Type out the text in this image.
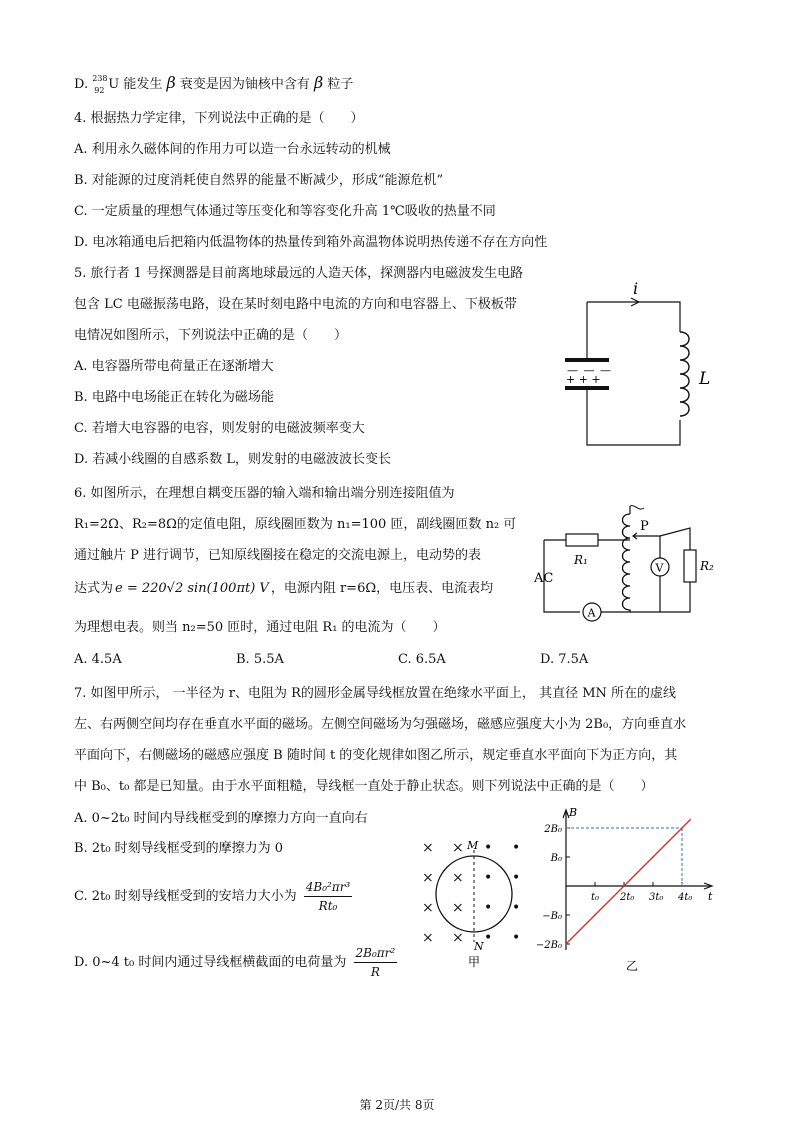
D. 238
92 U 能发生 β 衰变是因为铀核中含有 β 粒子
4. 根据热力学定律，下列说法中正确的是（　　）
A. 利用永久磁体间的作用力可以造一台永远转动的机械
B. 对能源的过度消耗使自然界的能量不断减少，形成“能源危机”
C. 一定质量的理想气体通过等压变化和等容变化升高 1℃吸收的热量不同
D. 电冰箱通电后把箱内低温物体的热量传到箱外高温物体说明热传递不存在方向性
5. 旅行者 1 号探测器是目前离地球最远的人造天体，探测器内电磁波发生电路
包含 LC 电磁振荡电路，设在某时刻电路中电流的方向和电容器上、下极板带
电情况如图所示，下列说法中正确的是（　　）
A. 电容器所带电荷量正在逐渐增大
B. 电路中电场能正在转化为磁场能
C. 若增大电容器的电容，则发射的电磁波频率变大
D. 若减小线圈的自感系数 L，则发射的电磁波波长变长
i
— — —
+ + +	L
6. 如图所示，在理想自耦变压器的输入端和输出端分别连接阻值为
R₁=2Ω、R₂=8Ω的定值电阻，原线圈匝数为 n₁=100 匝，副线圈匝数 n₂ 可
通过触片 P 进行调节，已知原线圈接在稳定的交流电源上，电动势的表
达式为 e = 220√2 sin(100πt) V ，电源内阻 r=6Ω，电压表、电流表均
为理想电表。则当 n₂=50 匝时，通过电阻 R₁ 的电流为（　　）
A. 4.5A	B. 5.5A	C. 6.5A	D. 7.5A
R₁
AC
A
P
V	R₂
7. 如图甲所示， 一半径为 r、电阻为 R的圆形金属导线框放置在绝缘水平面上， 其直径 MN 所在的虚线
左、右两侧空间均存在垂直水平面的磁场。左侧空间磁场为匀强磁场，磁感应强度大小为 2B₀，方向垂直水
平面向下，右侧磁场的磁感应强度 B 随时间 t 的变化规律如图乙所示，规定垂直水平面向下为正方向，其
中 B₀、t₀ 都是已知量。由于水平面粗糙，导线框一直处于静止状态。则下列说法中正确的是（　　）
A. 0~2t₀ 时间内导线框受到的摩擦力方向一直向右
B. 2t₀ 时刻导线框受到的摩擦力为 0
C. 2t₀ 时刻导线框受到的安培力大小为 $\frac{\text{4B₀²πr³}}{\text{Rt₀}}$
D. 0~4 t₀ 时间内通过导线框横截面的电荷量为 $\frac{\text{2B₀πr²}}{R}$
× ×
× ×
× ×
× ×
• •
• •
• •
• •
M
N
甲
B
t
2B₀
B₀
−B₀
−2B₀
t₀ 2t₀ 3t₀ 4t₀
乙
第 2页/共 8页
